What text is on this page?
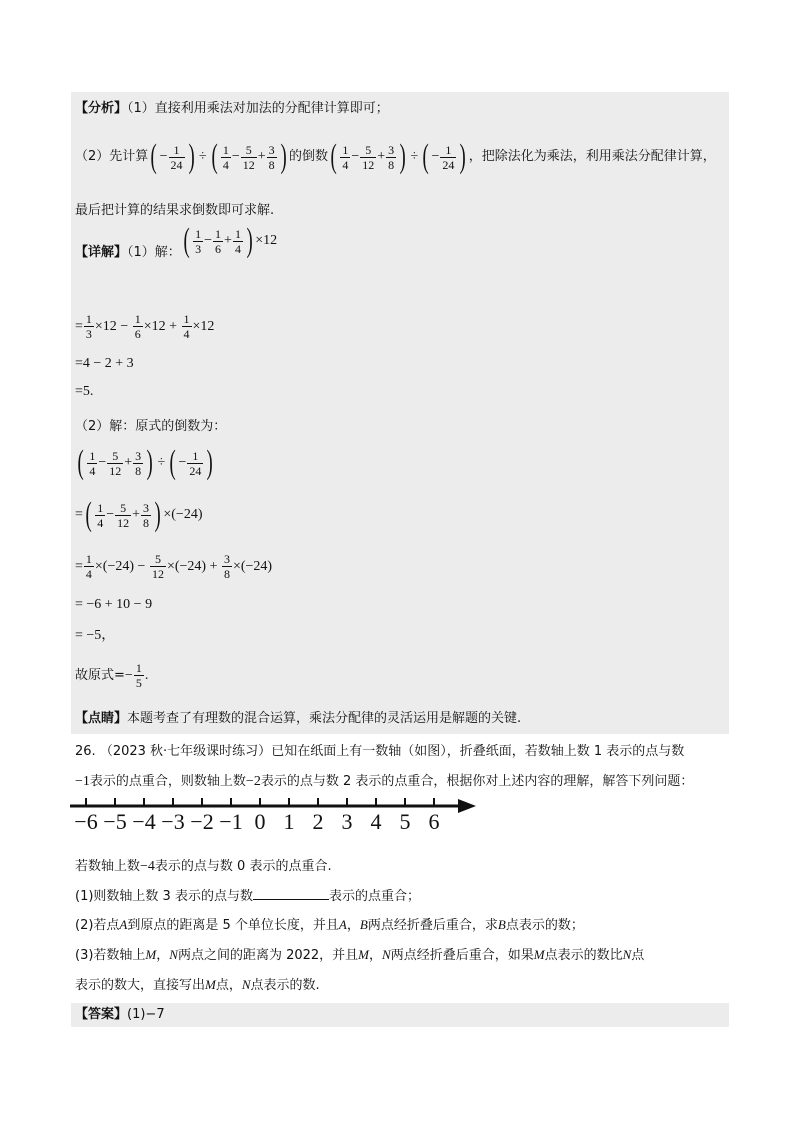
【分析】（1）直接利用乘法对加法的分配律计算即可；
（2）先计算( − $\frac{1}{24}$ ) ÷ ( $\frac{1}{4} - \frac{5}{12} + \frac{3}{8}$ ) 的倒数( $\frac{1}{4} - \frac{5}{12} + \frac{3}{8}$ ) ÷ ( − $\frac{1}{24}$ ) ，把除法化为乘法，利用乘法分配律计算，
最后把计算的结果求倒数即可求解.
【详解】（1）解：( $\frac{1}{3} - \frac{1}{6} + \frac{1}{4}$ ) ×12
= $\frac{1}{3} \times 12 - \frac{1}{6} \times 12 + \frac{1}{4} \times 12$
=4 − 2 + 3
=5.
（2）解：原式的倒数为：
( $\frac{1}{4} - \frac{5}{12} + \frac{3}{8}$ ) ÷ ( − $\frac{1}{24}$ )
=( $\frac{1}{4} - \frac{5}{12} + \frac{3}{8}$ ) ×(−24)
= $\frac{1}{4} \times(-24) - \frac{5}{12} \times(-24) + \frac{3}{8} \times(-24)$
= −6 + 10 − 9
= −5，
故原式=− $\frac{1}{5}$ .
【点睛】本题考查了有理数的混合运算，乘法分配律的灵活运用是解题的关键.
26. （2023 秋·七年级课时练习）已知在纸面上有一数轴（如图），折叠纸面，若数轴上数 1 表示的点与数
−1表示的点重合，则数轴上数−2表示的点与数 2 表示的点重合，根据你对上述内容的理解，解答下列问题：
−6 −5 −4 −3 −2 −1 0 1 2 3 4 5 6
若数轴上数−4表示的点与数 0 表示的点重合.
(1)则数轴上数 3 表示的点与数	表示的点重合；
(2)若点A到原点的距离是 5 个单位长度，并且A，B两点经折叠后重合，求B点表示的数；
(3)若数轴上M，N两点之间的距离为 2022，并且M，N两点经折叠后重合，如果M点表示的数比N点
表示的数大，直接写出M点，N点表示的数.
【答案】(1)−7
